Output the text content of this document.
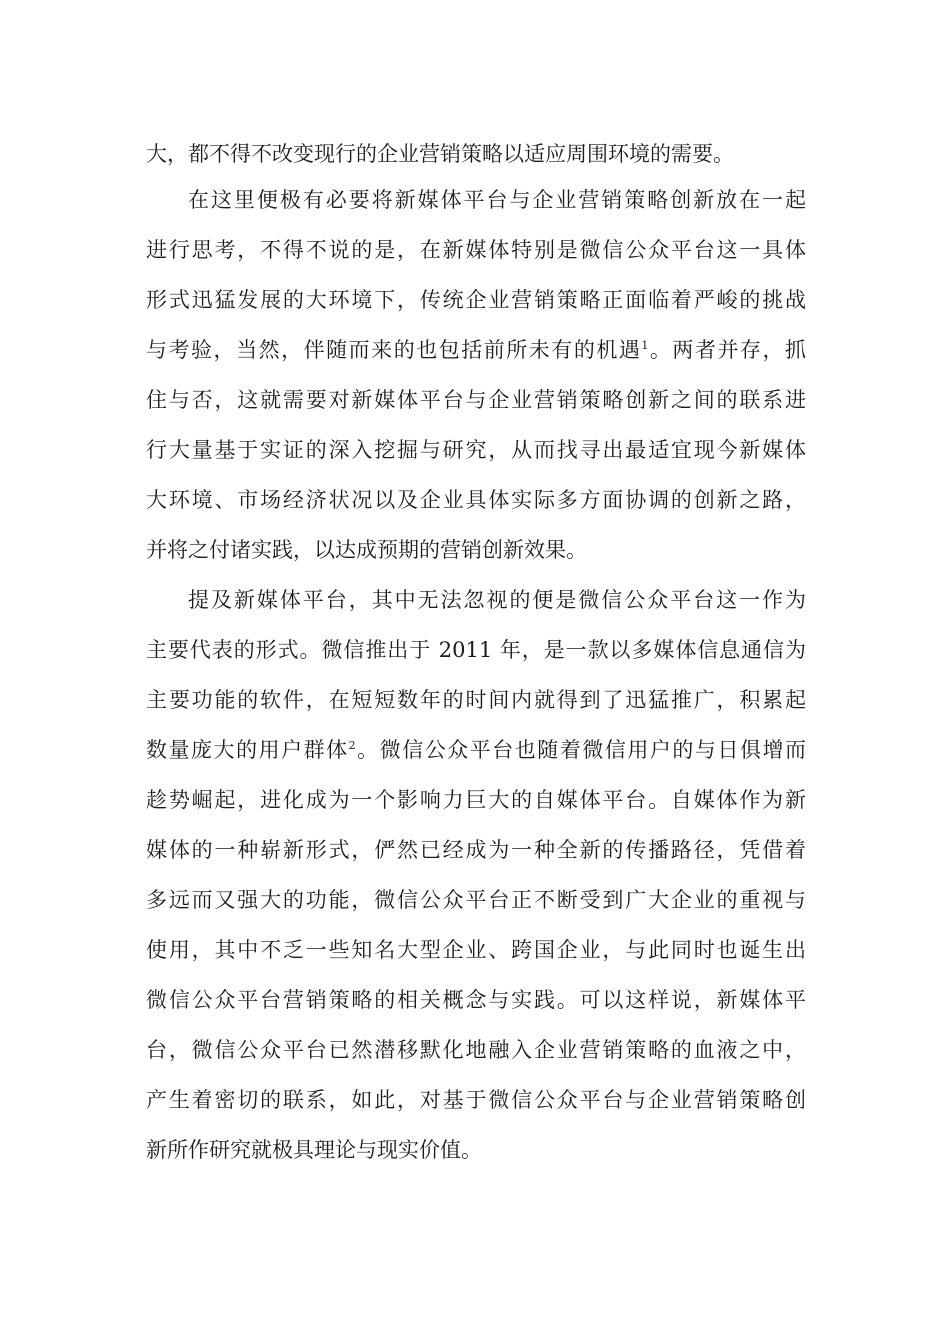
大，都不得不改变现行的企业营销策略以适应周围环境的需要。
在这里便极有必要将新媒体平台与企业营销策略创新放在一起
进行思考，不得不说的是，在新媒体特别是微信公众平台这一具体
形式迅猛发展的大环境下，传统企业营销策略正面临着严峻的挑战
与考验，当然，伴随而来的也包括前所未有的机遇$^1$。两者并存，抓
住与否，这就需要对新媒体平台与企业营销策略创新之间的联系进
行大量基于实证的深入挖掘与研究，从而找寻出最适宜现今新媒体
大环境、市场经济状况以及企业具体实际多方面协调的创新之路，
并将之付诸实践，以达成预期的营销创新效果。
提及新媒体平台，其中无法忽视的便是微信公众平台这一作为
主要代表的形式。微信推出于 2011 年，是一款以多媒体信息通信为
主要功能的软件，在短短数年的时间内就得到了迅猛推广，积累起
数量庞大的用户群体$^2$。微信公众平台也随着微信用户的与日俱增而
趁势崛起，进化成为一个影响力巨大的自媒体平台。自媒体作为新
媒体的一种崭新形式，俨然已经成为一种全新的传播路径，凭借着
多远而又强大的功能，微信公众平台正不断受到广大企业的重视与
使用，其中不乏一些知名大型企业、跨国企业，与此同时也诞生出
微信公众平台营销策略的相关概念与实践。可以这样说，新媒体平
台，微信公众平台已然潜移默化地融入企业营销策略的血液之中，
产生着密切的联系，如此，对基于微信公众平台与企业营销策略创
新所作研究就极具理论与现实价值。
